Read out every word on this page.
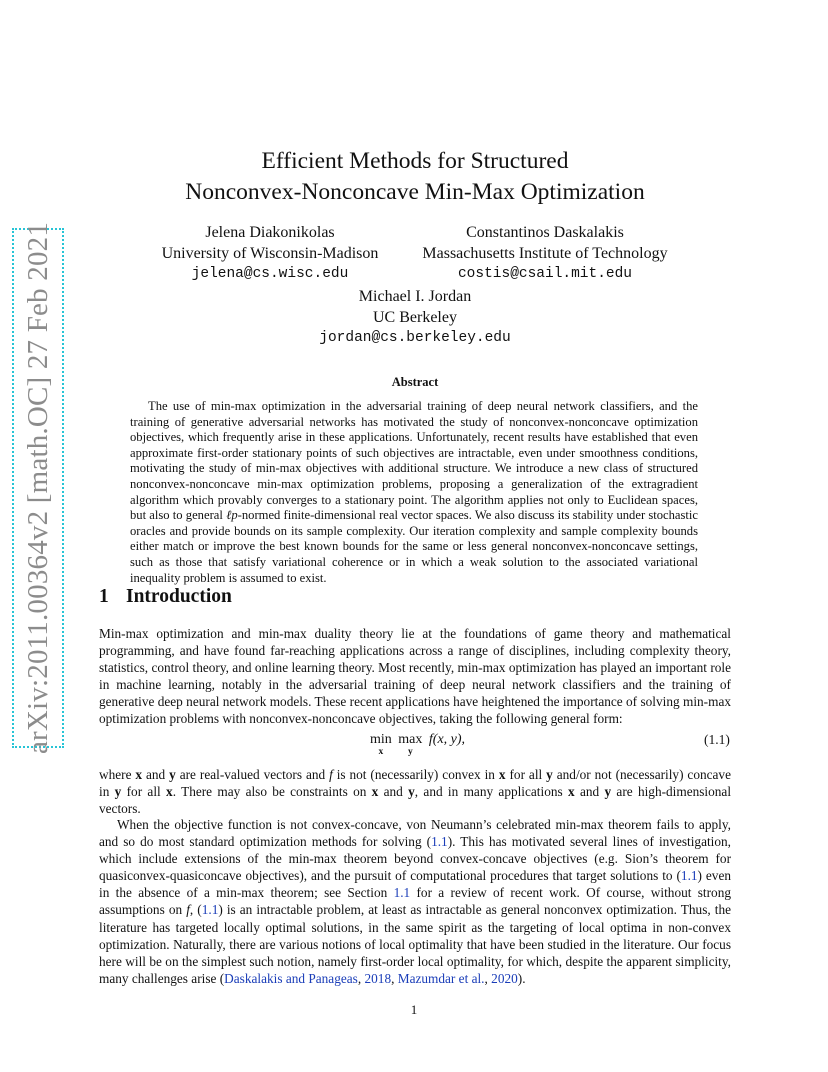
arXiv:2011.00364v2 [math.OC] 27 Feb 2021
Efficient Methods for Structured
Nonconvex-Nonconcave Min-Max Optimization
Jelena Diakonikolas
University of Wisconsin-Madison
jelena@cs.wisc.edu
Constantinos Daskalakis
Massachusetts Institute of Technology
costis@csail.mit.edu
Michael I. Jordan
UC Berkeley
jordan@cs.berkeley.edu
Abstract
The use of min-max optimization in the adversarial training of deep neural network classifiers, and the training of generative adversarial networks has motivated the study of nonconvex-nonconcave optimization objectives, which frequently arise in these applications. Unfortunately, recent results have established that even approximate first-order stationary points of such objectives are intractable, even under smoothness conditions, motivating the study of min-max objectives with additional structure. We introduce a new class of structured nonconvex-nonconcave min-max optimization problems, proposing a generalization of the extragradient algorithm which provably converges to a stationary point. The algorithm applies not only to Euclidean spaces, but also to general ℓp-normed finite-dimensional real vector spaces. We also discuss its stability under stochastic oracles and provide bounds on its sample complexity. Our iteration complexity and sample complexity bounds either match or improve the best known bounds for the same or less general nonconvex-nonconcave settings, such as those that satisfy variational coherence or in which a weak solution to the associated variational inequality problem is assumed to exist.
1 Introduction
Min-max optimization and min-max duality theory lie at the foundations of game theory and mathematical programming, and have found far-reaching applications across a range of disciplines, including complexity theory, statistics, control theory, and online learning theory. Most recently, min-max optimization has played an important role in machine learning, notably in the adversarial training of deep neural network classifiers and the training of generative deep neural network models. These recent applications have heightened the importance of solving min-max optimization problems with nonconvex-nonconcave objectives, taking the following general form:
min
x
max
y
f(x, y),	(1.1)
where x and y are real-valued vectors and f is not (necessarily) convex in x for all y and/or not (necessarily) concave in y for all x. There may also be constraints on x and y, and in many applications x and y are high-dimensional vectors.
When the objective function is not convex-concave, von Neumann’s celebrated min-max theorem fails to apply, and so do most standard optimization methods for solving (1.1). This has motivated several lines of investigation, which include extensions of the min-max theorem beyond convex-concave objectives (e.g. Sion’s theorem for quasiconvex-quasiconcave objectives), and the pursuit of computational procedures that target solutions to (1.1) even in the absence of a min-max theorem; see Section 1.1 for a review of recent work. Of course, without strong assumptions on f, (1.1) is an intractable problem, at least as intractable as general nonconvex optimization. Thus, the literature has targeted locally optimal solutions, in the same spirit as the targeting of local optima in non-convex optimization. Naturally, there are various notions of local optimality that have been studied in the literature. Our focus here will be on the simplest such notion, namely first-order local optimality, for which, despite the apparent simplicity, many challenges arise (Daskalakis and Panageas, 2018, Mazumdar et al., 2020).
1
